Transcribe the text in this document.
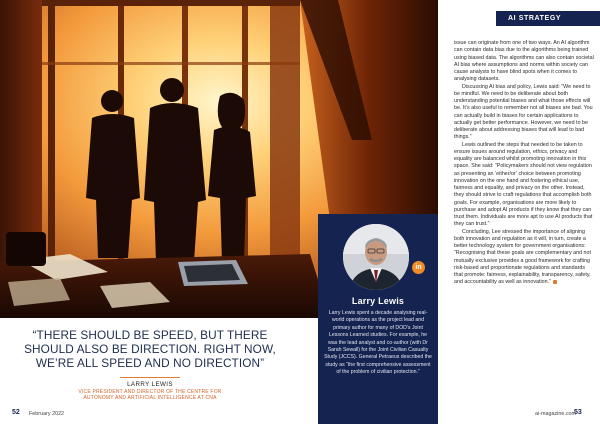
“THERE SHOULD BE SPEED, BUT THERE SHOULD ALSO BE DIRECTION. RIGHT NOW, WE’RE ALL SPEED AND NO DIRECTION”
LARRY LEWIS
VICE PRESIDENT AND DIRECTOR OF THE CENTRE FOR
AUTONOMY AND ARTIFICIAL INTELLIGENCE AT CNA
in
Larry Lewis
Larry Lewis spent a decade analysing real-world operations as the project lead and primary author for many of DOD’s Joint Lessons Learned studies. For example, he was the lead analyst and co-author (with Dr Sarah Sewall) for the Joint Civilian Casualty Study (JCCS). General Petraeus described the study as “the first comprehensive assessment of the problem of civilian protection.”
AI STRATEGY

issue can originate from one of two ways. An AI algorithm can contain data bias due to the algorithms being trained using biased data. The algorithms can also contain societal AI bias where assumptions and norms within society can cause analysts to have blind spots when it comes to analysing datasets.

Discussing AI bias and policy, Lewis said: “We need to be mindful. We need to be deliberate about both understanding potential biases and what those effects will be. It’s also useful to remember not all biases are bad. You can actually build in biases for certain applications to actually get better performance. However, we need to be deliberate about addressing biases that will lead to bad things.”

Lewis outlined the steps that needed to be taken to ensure issues around regulation, ethics, privacy and equality are balanced whilst promoting innovation in this space. She said: “Policymakers should not view regulation as presenting an ‘either/or’ choice between promoting innovation on the one hand and fostering ethical use, fairness and equality, and privacy on the other. Instead, they should strive to craft regulations that accomplish both goals. For example, organisations are more likely to purchase and adopt AI products if they know that they can trust them. Individuals are more apt to use AI products that they can trust.”

Concluding, Lee stressed the importance of aligning both innovation and regulation as it will, in turn, create a better technology system for government organisations: “Recognising that these goals are complementary and not mutually exclusive provides a good framework for crafting risk-based and proportionate regulations and standards that promote: fairness, explainability, transparency, safety, and accountability as well as innovation.”

52 February 2022	ai-magazine.com
53
